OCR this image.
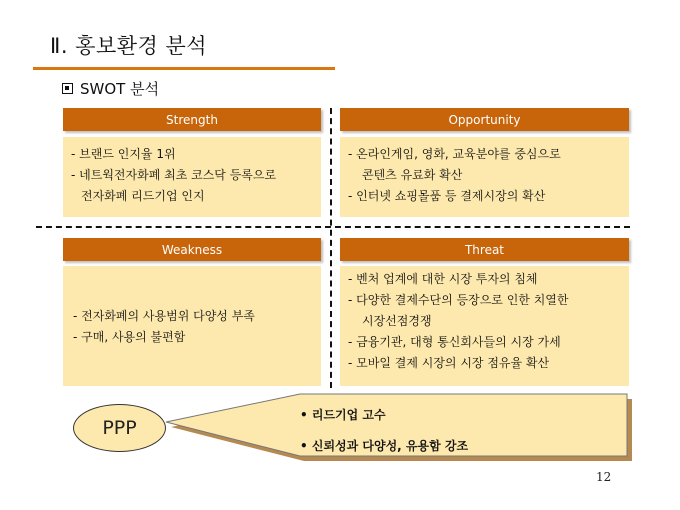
Ⅱ. 홍보환경 분석
SWOT 분석
Strength
- 브랜드 인지율 1위
- 네트웍전자화폐 최초 코스닥 등록으로
전자화폐 리드기업 인지
Opportunity
- 온라인게임, 영화, 교육분야를 중심으로
콘텐츠 유료화 확산
- 인터넷 쇼핑몰품 등 결제시장의 확산
Weakness
- 전자화폐의 사용범위 다양성 부족
- 구매, 사용의 불편함
Threat
- 벤처 업계에 대한 시장 투자의 침체
- 다양한 결제수단의 등장으로 인한 치열한
시장선점경쟁
- 금융기관, 대형 통신회사들의 시장 가세
- 모바일 결제 시장의 시장 점유율 확산
PPP
• 리드기업 고수
• 신뢰성과 다양성, 유용함 강조
12
